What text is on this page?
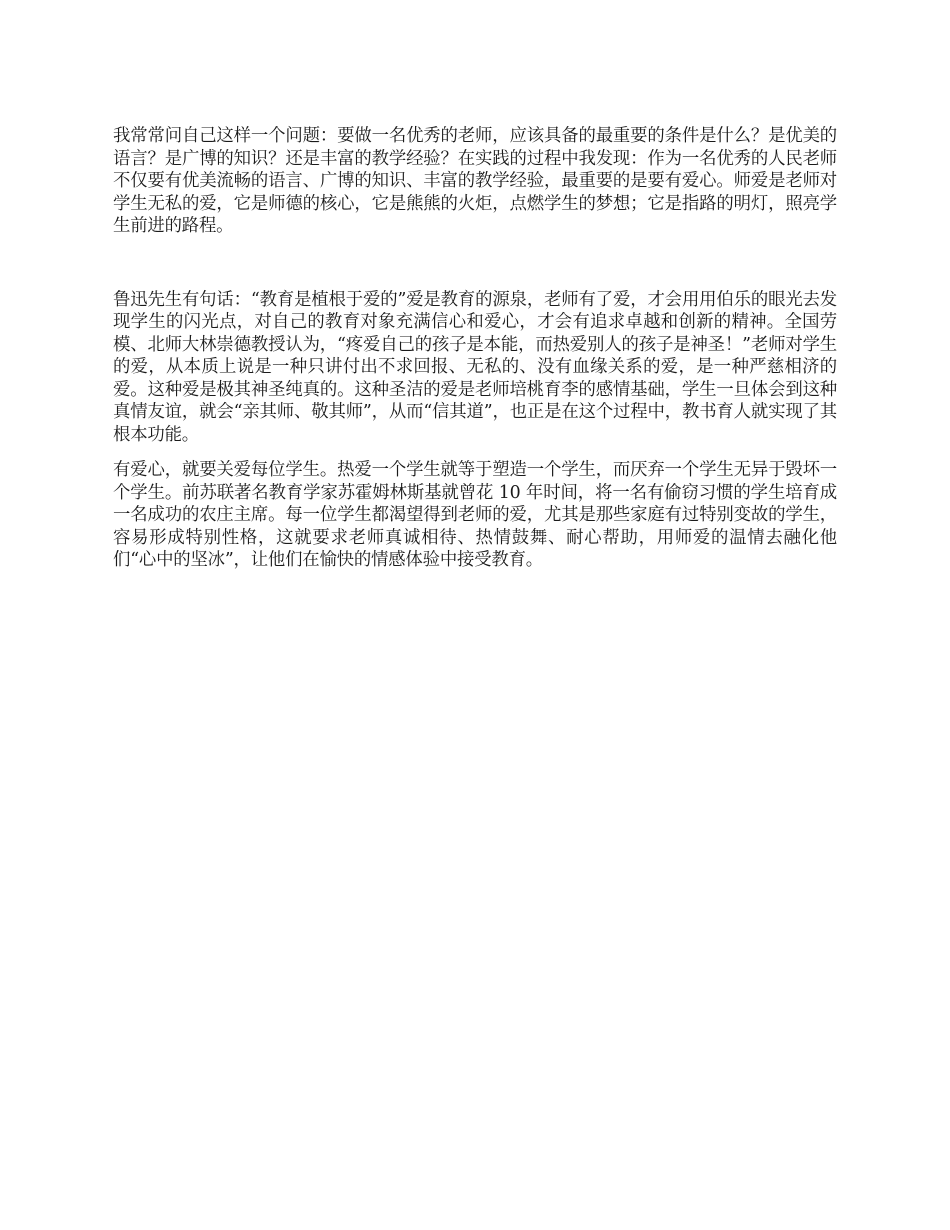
我常常问自己这样一个问题：要做一名优秀的老师，应该具备的最重要的条件是什么？是优美的语言？是广博的知识？还是丰富的教学经验？在实践的过程中我发现：作为一名优秀的人民老师不仅要有优美流畅的语言、广博的知识、丰富的教学经验，最重要的是要有爱心。师爱是老师对学生无私的爱，它是师德的核心，它是熊熊的火炬，点燃学生的梦想；它是指路的明灯，照亮学生前进的路程。

鲁迅先生有句话：“教育是植根于爱的”爱是教育的源泉，老师有了爱，才会用用伯乐的眼光去发现学生的闪光点，对自己的教育对象充满信心和爱心，才会有追求卓越和创新的精神。全国劳模、北师大林崇德教授认为，“疼爱自己的孩子是本能，而热爱别人的孩子是神圣！”老师对学生的爱，从本质上说是一种只讲付出不求回报、无私的、没有血缘关系的爱，是一种严慈相济的爱。这种爱是极其神圣纯真的。这种圣洁的爱是老师培桃育李的感情基础，学生一旦体会到这种真情友谊，就会“亲其师、敬其师”，从而“信其道”，也正是在这个过程中，教书育人就实现了其根本功能。

有爱心，就要关爱每位学生。热爱一个学生就等于塑造一个学生，而厌弃一个学生无异于毁坏一个学生。前苏联著名教育学家苏霍姆林斯基就曾花 10 年时间，将一名有偷窃习惯的学生培育成一名成功的农庄主席。每一位学生都渴望得到老师的爱，尤其是那些家庭有过特别变故的学生，容易形成特别性格，这就要求老师真诚相待、热情鼓舞、耐心帮助，用师爱的温情去融化他们“心中的坚冰”，让他们在愉快的情感体验中接受教育。
